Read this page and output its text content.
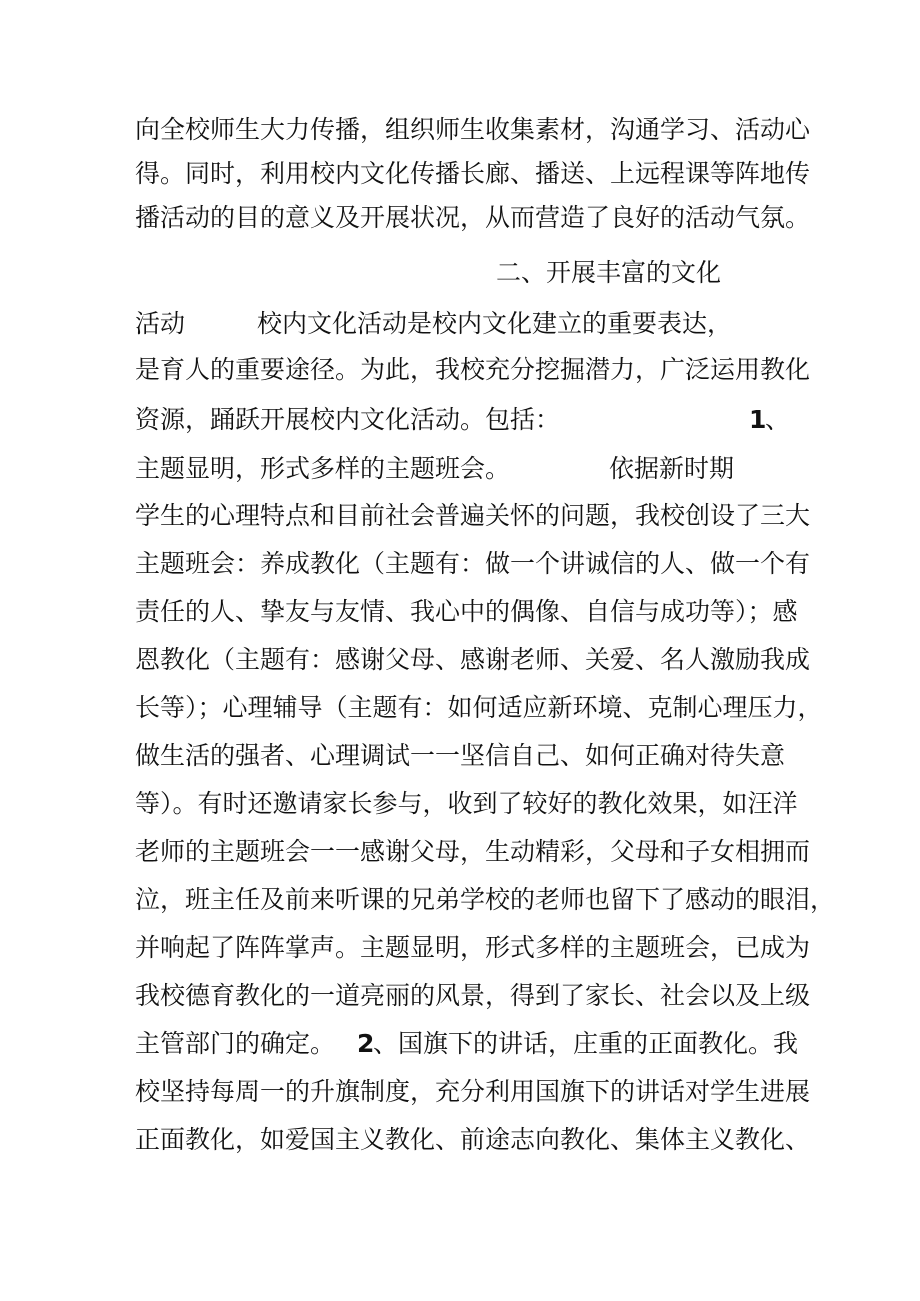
向全校师生大力传播，组织师生收集素材，沟通学习、活动心

得。同时，利用校内文化传播长廊、播送、上远程课等阵地传

播活动的目的意义及开展状况，从而营造了良好的活动气氛。

二、开展丰富的文化

活动	校内文化活动是校内文化建立的重要表达，

是育人的重要途径。为此，我校充分挖掘潜力，广泛运用教化

资源，踊跃开展校内文化活动。包括：	1
、

主题显明，形式多样的主题班会。	依据新时期

学生的心理特点和目前社会普遍关怀的问题，我校创设了三大

主题班会：养成教化（主题有：做一个讲诚信的人、做一个有

责任的人、挚友与友情、我心中的偶像、自信与成功等）；感

恩教化（主题有：感谢父母、感谢老师、关爱、名人激励我成

长等）；心理辅导（主题有：如何适应新环境、克制心理压力，

做生活的强者、心理调试一一坚信自己、如何正确对待失意

等）。有时还邀请家长参与，收到了较好的教化效果，如汪洋

老师的主题班会一一感谢父母，生动精彩，父母和子女相拥而

泣，班主任及前来听课的兄弟学校的老师也留下了感动的眼泪，

并响起了阵阵掌声。主题显明，形式多样的主题班会，已成为

我校德育教化的一道亮丽的风景，得到了家长、社会以及上级

主管部门的确定。 2
、国旗下的讲话，庄重的正面教化。我

校坚持每周一的升旗制度，充分利用国旗下的讲话对学生进展

正面教化，如爱国主义教化、前途志向教化、集体主义教化、
